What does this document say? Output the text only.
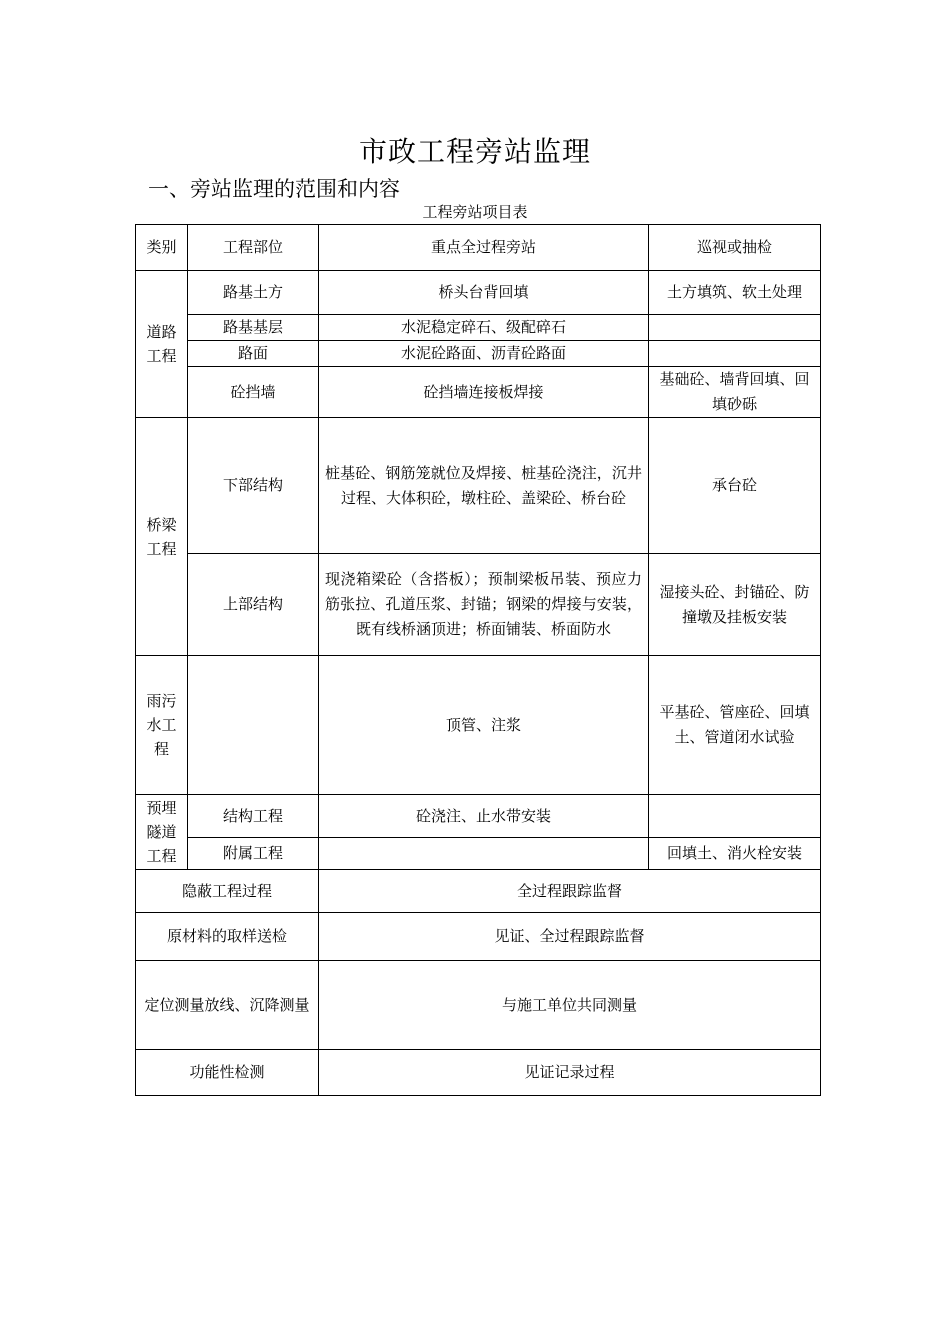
市政工程旁站监理
一、旁站监理的范围和内容
工程旁站项目表
类别	工程部位	重点全过程旁站	巡视或抽检
道路工程	路基土方	桥头台背回填	土方填筑、软土处理
	路基基层	水泥稳定碎石、级配碎石	
	路面	水泥砼路面、沥青砼路面	
	砼挡墙	砼挡墙连接板焊接	基础砼、墙背回填、回填砂砾
桥梁工程	下部结构	桩基砼、钢筋笼就位及焊接、桩基砼浇注，沉井过程、大体积砼，墩柱砼、盖梁砼、桥台砼	承台砼
	上部结构	现浇箱梁砼（含搭板）；预制梁板吊装、预应力筋张拉、孔道压浆、封锚；钢梁的焊接与安装，既有线桥涵顶进；桥面铺装、桥面防水	湿接头砼、封锚砼、防撞墩及挂板安装
雨污水工程		顶管、注浆	平基砼、管座砼、回填土、管道闭水试验
预埋隧道工程	结构工程	砼浇注、止水带安装	
	附属工程		回填土、消火栓安装
隐蔽工程过程		全过程跟踪监督	
原材料的取样送检		见证、全过程跟踪监督	
定位测量放线、沉降测量		与施工单位共同测量	
功能性检测		见证记录过程	
